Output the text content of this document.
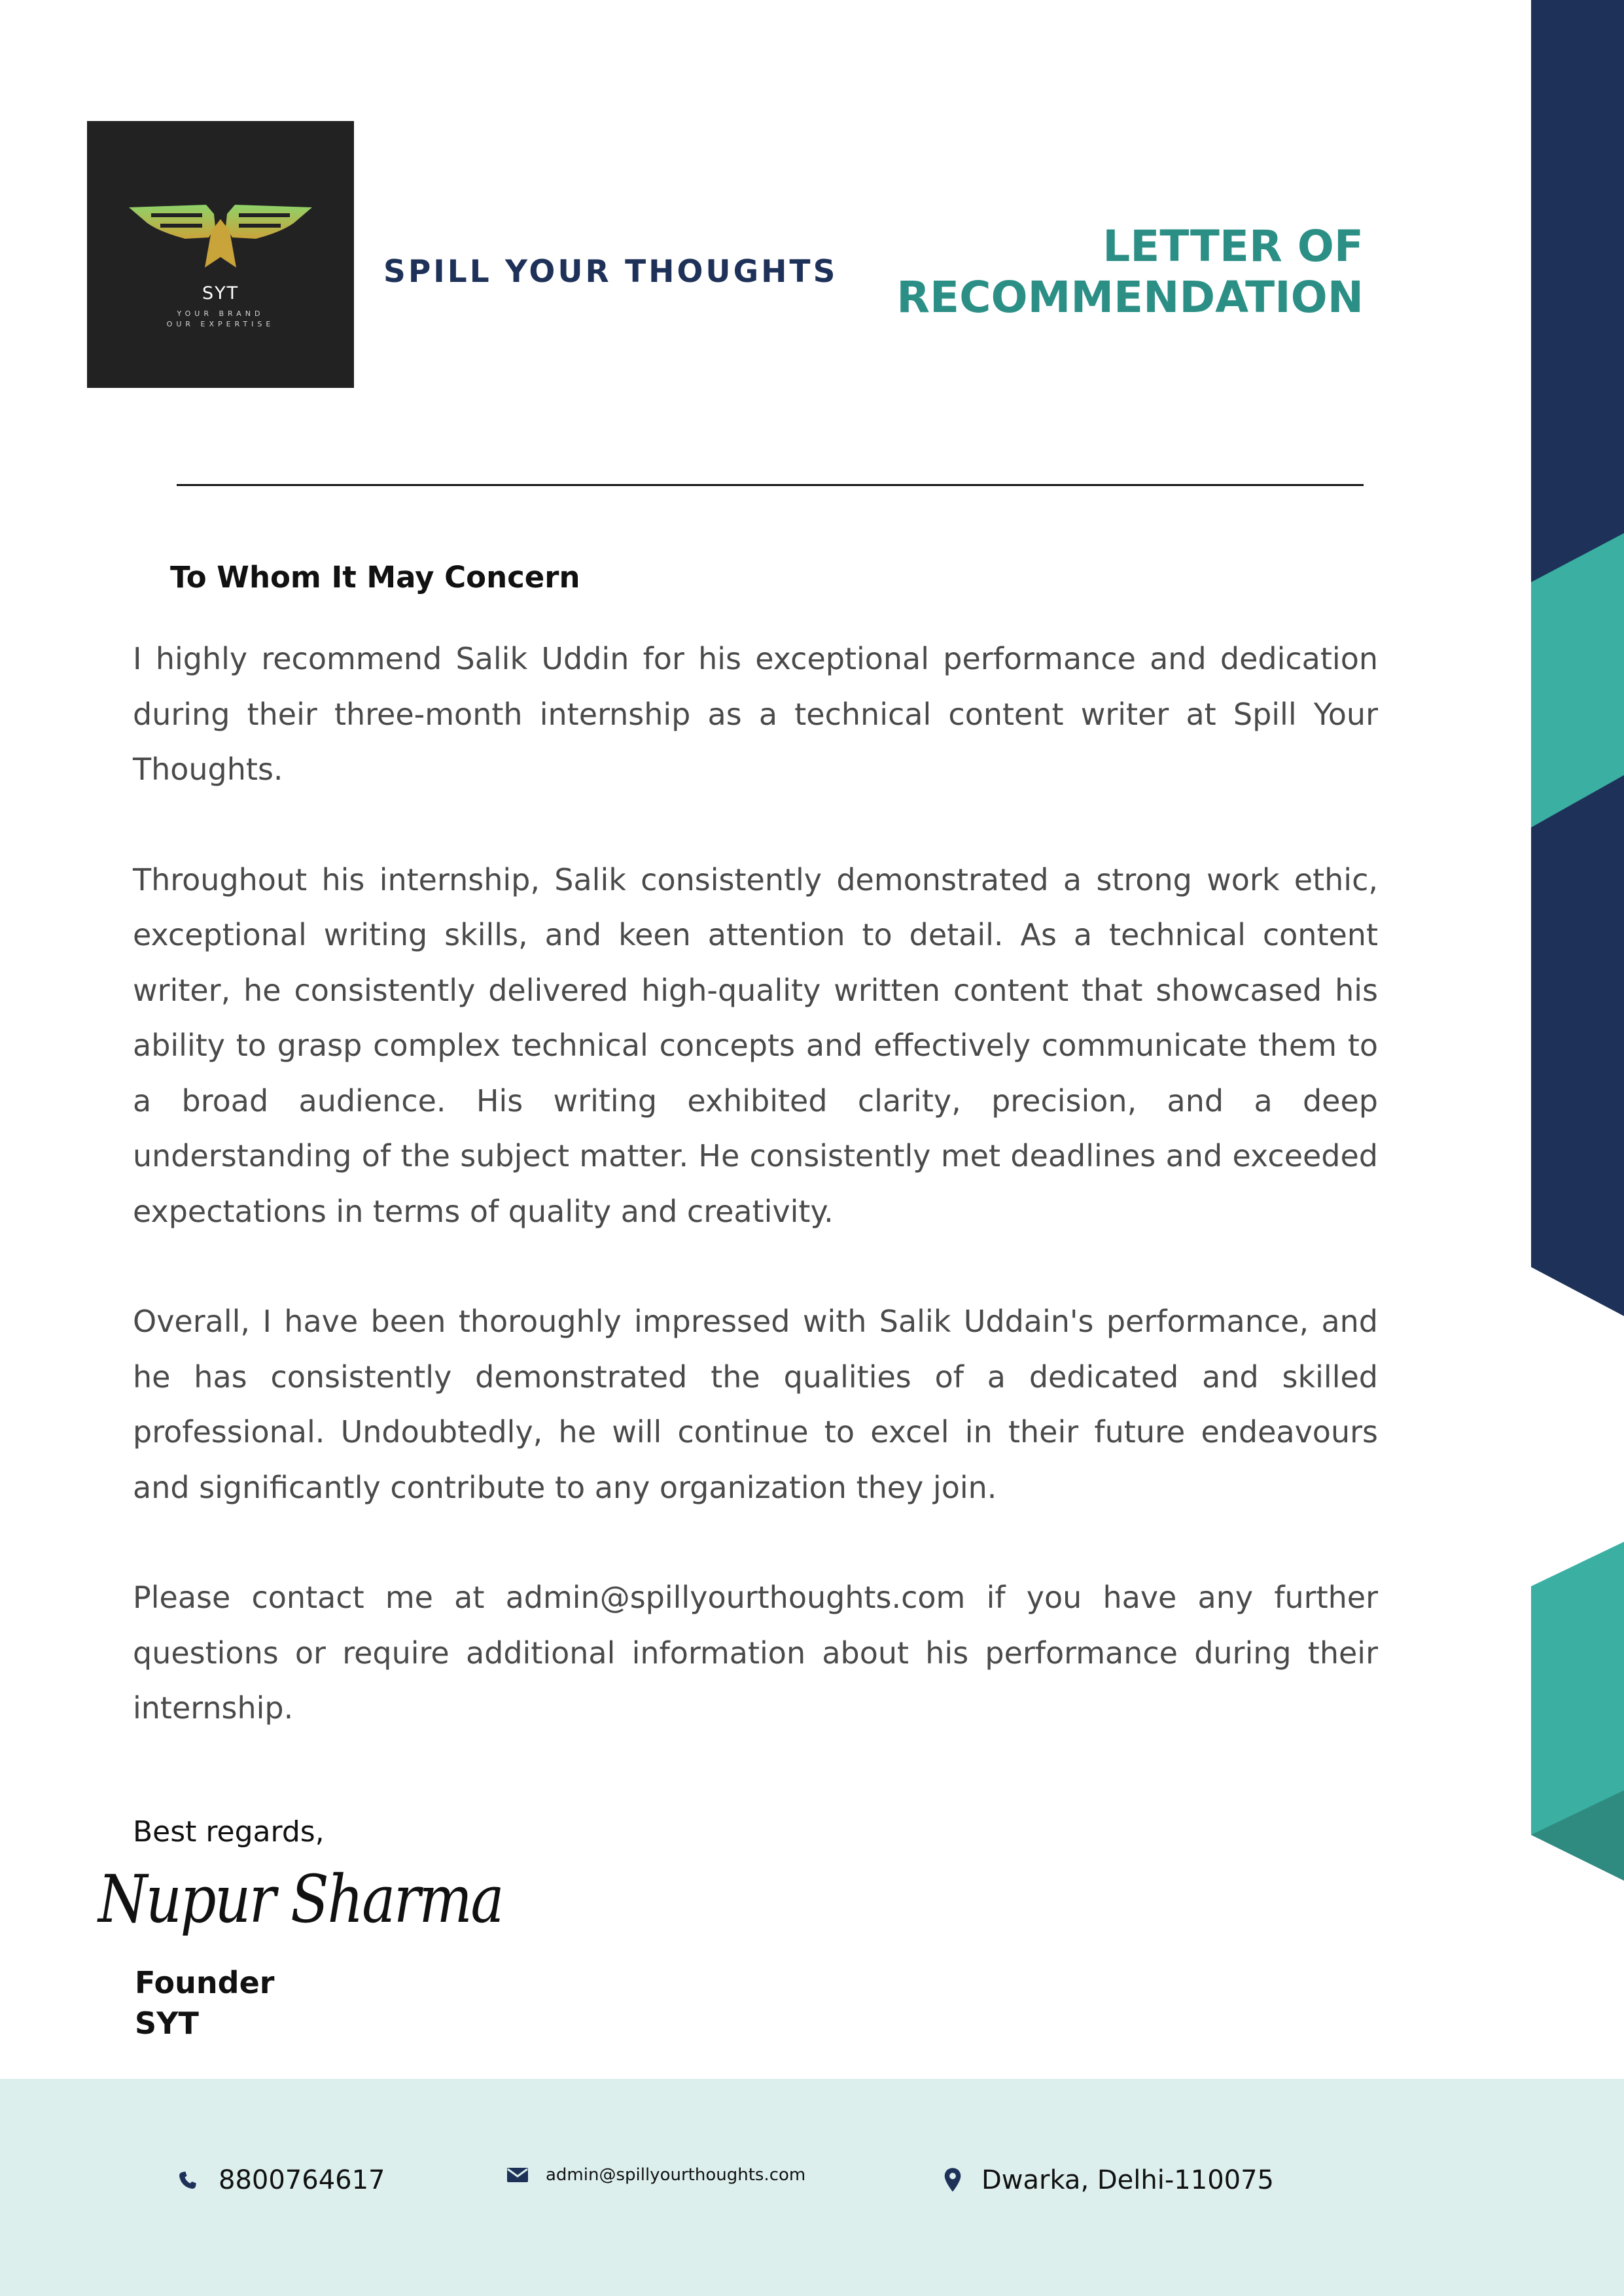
SYT
YOUR BRAND
OUR EXPERTISE
SPILL YOUR THOUGHTS
LETTER OF
RECOMMENDATION
To Whom It May Concern

I highly recommend Salik Uddin for his exceptional performance and dedication during their three-month internship as a technical content writer at Spill Your Thoughts.

Throughout his internship, Salik consistently demonstrated a strong work ethic, exceptional writing skills, and keen attention to detail. As a technical content writer, he consistently delivered high-quality written content that showcased his ability to grasp complex technical concepts and effectively communicate them to a broad audience. His writing exhibited clarity, precision, and a deep understanding of the subject matter. He consistently met deadlines and exceeded expectations in terms of quality and creativity.

Overall, I have been thoroughly impressed with Salik Uddain's performance, and he has consistently demonstrated the qualities of a dedicated and skilled professional. Undoubtedly, he will continue to excel in their future endeavours and significantly contribute to any organization they join.

Please contact me at admin@spillyourthoughts.com if you have any further questions or require additional information about his performance during their internship.

Best regards,
Nupur Sharma
Founder
SYT
8800764617	admin@spillyourthoughts.com	Dwarka, Delhi-110075
